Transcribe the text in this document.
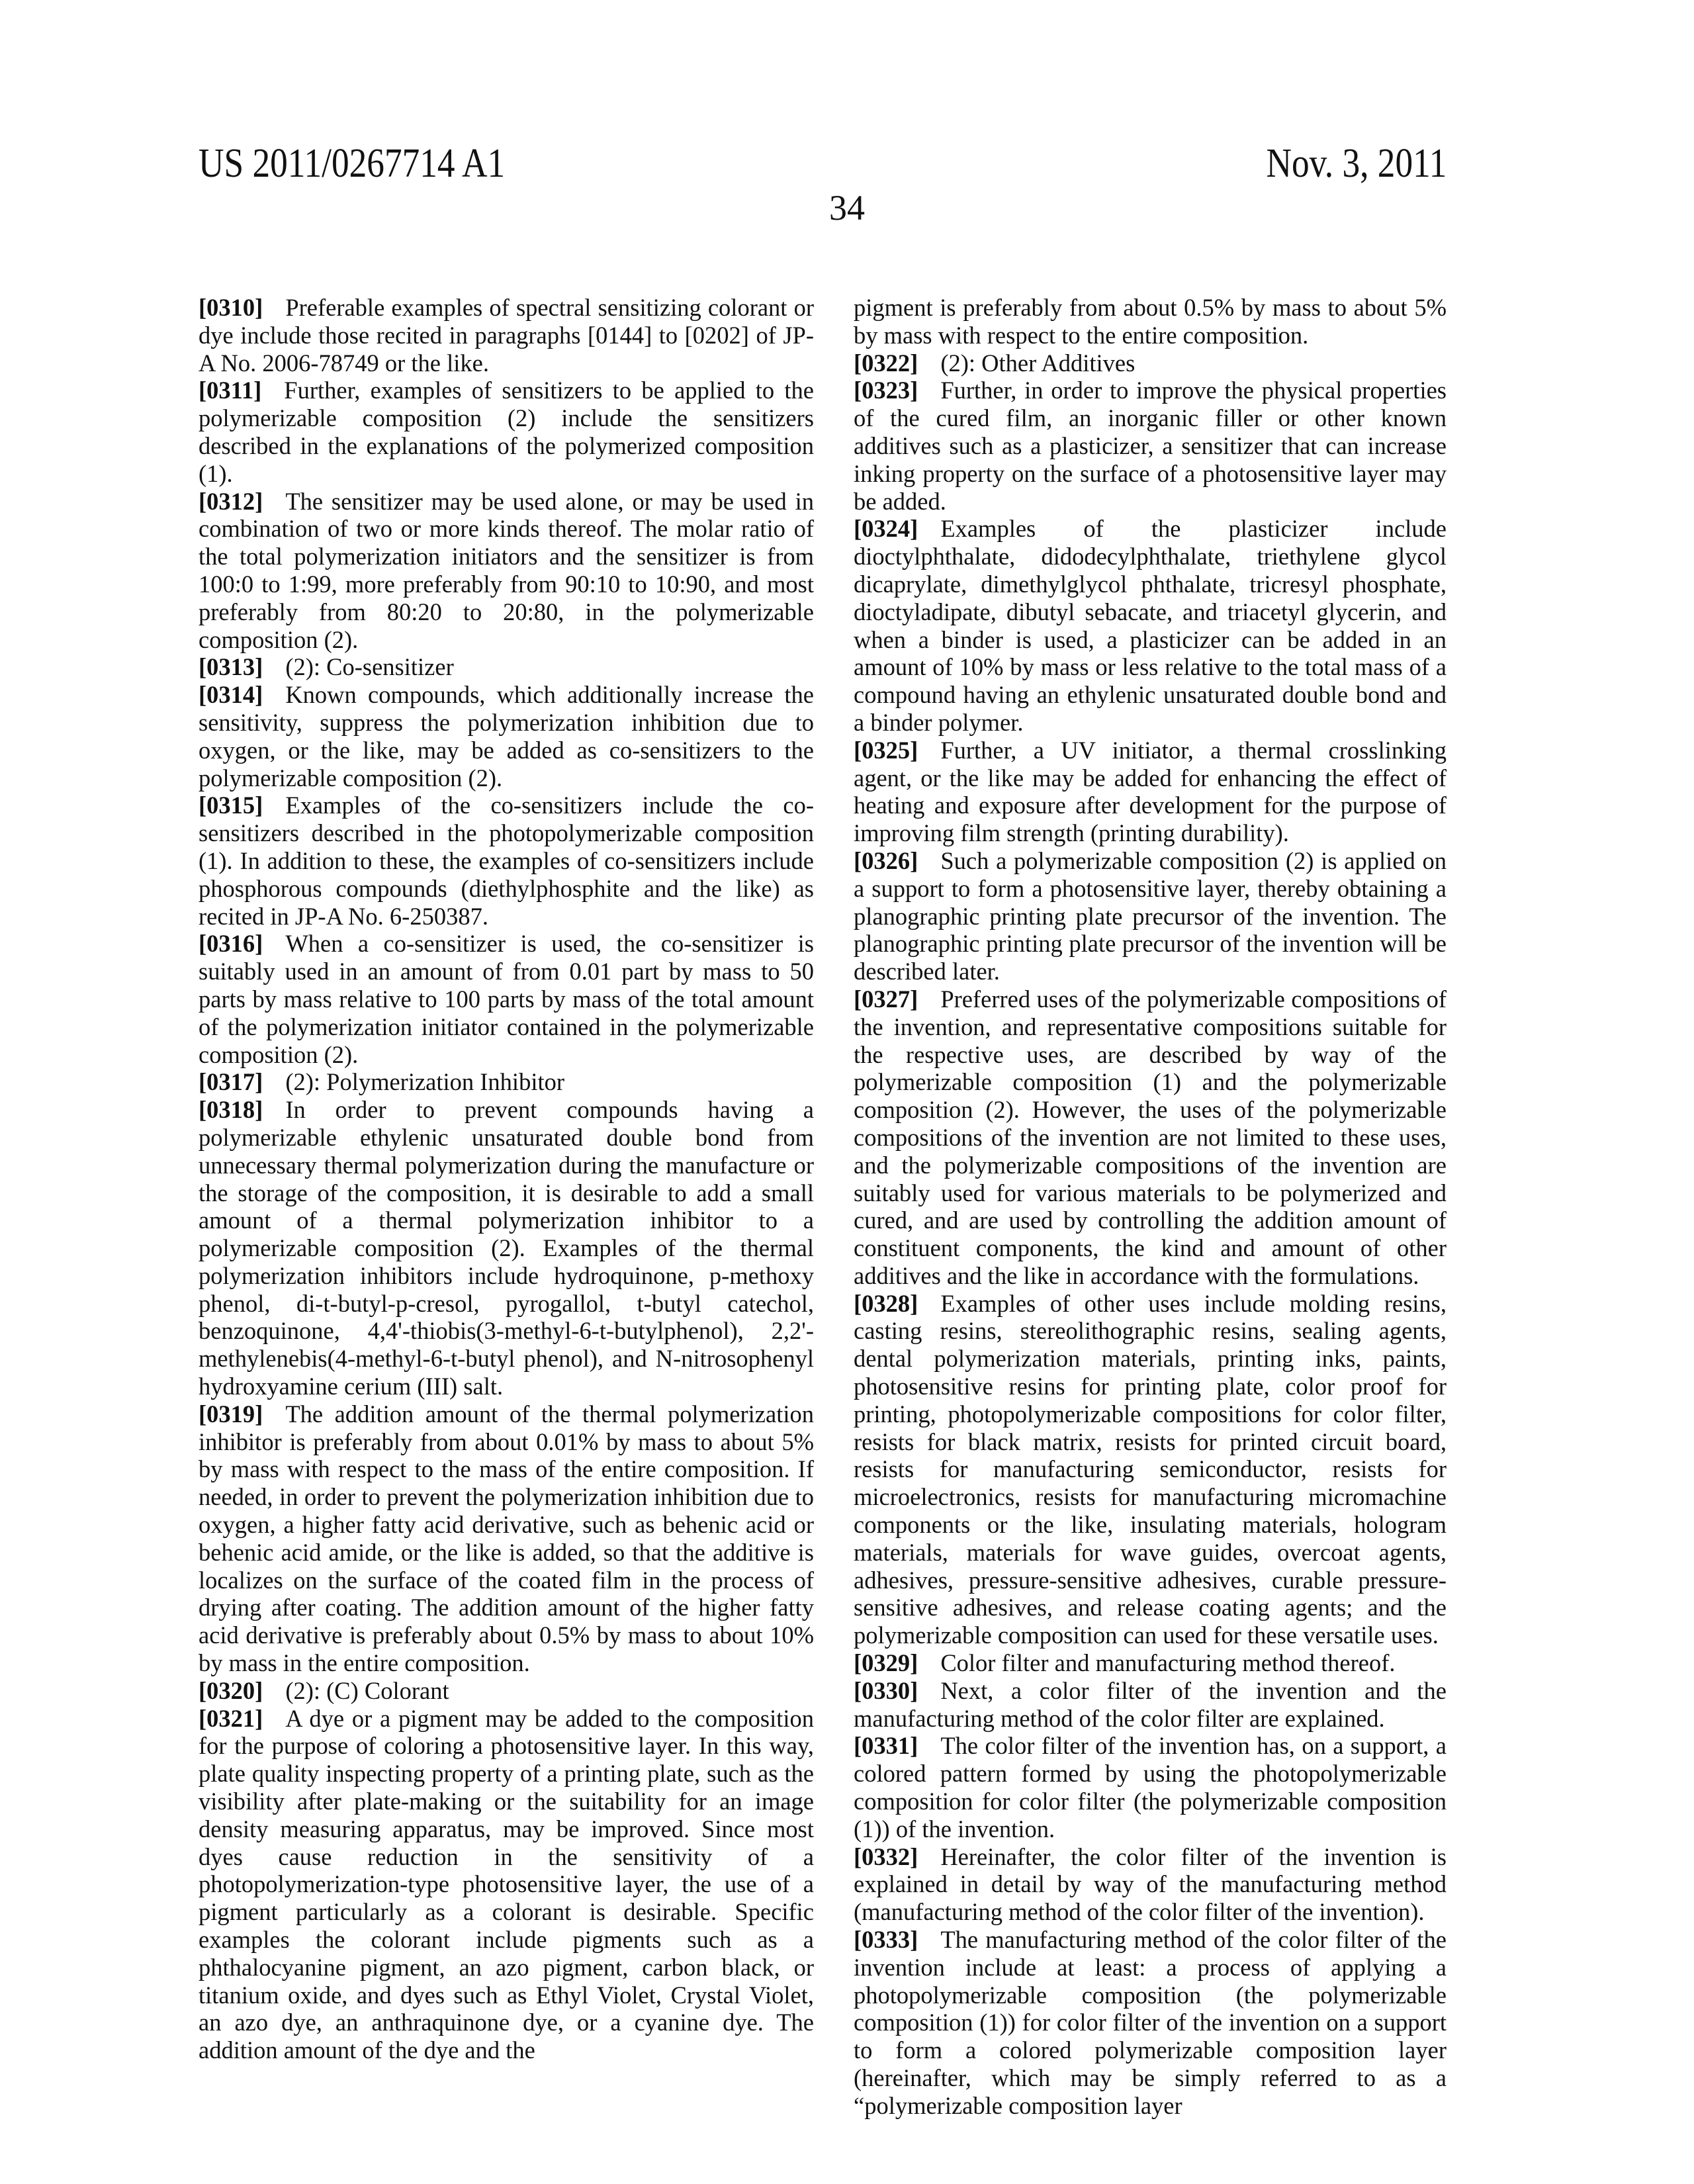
US 2011/0267714 A1	Nov. 3, 2011
34

[0310] Preferable examples of spectral sensitizing colorant or dye include those recited in paragraphs [0144] to [0202] of JP-A No. 2006-78749 or the like.

[0311] Further, examples of sensitizers to be applied to the polymerizable composition (2) include the sensitizers described in the explanations of the polymerized composition (1).

[0312] The sensitizer may be used alone, or may be used in combination of two or more kinds thereof. The molar ratio of the total polymerization initiators and the sensitizer is from 100:0 to 1:99, more preferably from 90:10 to 10:90, and most preferably from 80:20 to 20:80, in the polymerizable composition (2).

[0313] (2): Co-sensitizer

[0314] Known compounds, which additionally increase the sensitivity, suppress the polymerization inhibition due to oxygen, or the like, may be added as co-sensitizers to the polymerizable composition (2).

[0315] Examples of the co-sensitizers include the co-sensitizers described in the photopolymerizable composition (1). In addition to these, the examples of co-sensitizers include phosphorous compounds (diethylphosphite and the like) as recited in JP-A No. 6-250387.

[0316] When a co-sensitizer is used, the co-sensitizer is suitably used in an amount of from 0.01 part by mass to 50 parts by mass relative to 100 parts by mass of the total amount of the polymerization initiator contained in the polymerizable composition (2).

[0317] (2): Polymerization Inhibitor

[0318] In order to prevent compounds having a polymerizable ethylenic unsaturated double bond from unnecessary thermal polymerization during the manufacture or the storage of the composition, it is desirable to add a small amount of a thermal polymerization inhibitor to a polymerizable composition (2). Examples of the thermal polymerization inhibitors include hydroquinone, p-methoxy phenol, di-t-butyl-p-cresol, pyrogallol, t-butyl catechol, benzoquinone, 4,4'-thiobis(3-methyl-6-t-butylphenol), 2,2'-methylenebis(4-methyl-6-t-butyl phenol), and N-nitrosophenyl hydroxyamine cerium (III) salt.

[0319] The addition amount of the thermal polymerization inhibitor is preferably from about 0.01% by mass to about 5% by mass with respect to the mass of the entire composition. If needed, in order to prevent the polymerization inhibition due to oxygen, a higher fatty acid derivative, such as behenic acid or behenic acid amide, or the like is added, so that the additive is localizes on the surface of the coated film in the process of drying after coating. The addition amount of the higher fatty acid derivative is preferably about 0.5% by mass to about 10% by mass in the entire composition.

[0320] (2): (C) Colorant

[0321] A dye or a pigment may be added to the composition for the purpose of coloring a photosensitive layer. In this way, plate quality inspecting property of a printing plate, such as the visibility after plate-making or the suitability for an image density measuring apparatus, may be improved. Since most dyes cause reduction in the sensitivity of a photopolymerization-type photosensitive layer, the use of a pigment particularly as a colorant is desirable. Specific examples the colorant include pigments such as a phthalocyanine pigment, an azo pigment, carbon black, or titanium oxide, and dyes such as Ethyl Violet, Crystal Violet, an azo dye, an anthraquinone dye, or a cyanine dye. The addition amount of the dye and the

pigment is preferably from about 0.5% by mass to about 5% by mass with respect to the entire composition.

[0322] (2): Other Additives

[0323] Further, in order to improve the physical properties of the cured film, an inorganic filler or other known additives such as a plasticizer, a sensitizer that can increase inking property on the surface of a photosensitive layer may be added.

[0324] Examples of the plasticizer include dioctylphthalate, didodecylphthalate, triethylene glycol dicaprylate, dimethylglycol phthalate, tricresyl phosphate, dioctyladipate, dibutyl sebacate, and triacetyl glycerin, and when a binder is used, a plasticizer can be added in an amount of 10% by mass or less relative to the total mass of a compound having an ethylenic unsaturated double bond and a binder polymer.

[0325] Further, a UV initiator, a thermal crosslinking agent, or the like may be added for enhancing the effect of heating and exposure after development for the purpose of improving film strength (printing durability).

[0326] Such a polymerizable composition (2) is applied on a support to form a photosensitive layer, thereby obtaining a planographic printing plate precursor of the invention. The planographic printing plate precursor of the invention will be described later.

[0327] Preferred uses of the polymerizable compositions of the invention, and representative compositions suitable for the respective uses, are described by way of the polymerizable composition (1) and the polymerizable composition (2). However, the uses of the polymerizable compositions of the invention are not limited to these uses, and the polymerizable compositions of the invention are suitably used for various materials to be polymerized and cured, and are used by controlling the addition amount of constituent components, the kind and amount of other additives and the like in accordance with the formulations.

[0328] Examples of other uses include molding resins, casting resins, stereolithographic resins, sealing agents, dental polymerization materials, printing inks, paints, photosensitive resins for printing plate, color proof for printing, photopolymerizable compositions for color filter, resists for black matrix, resists for printed circuit board, resists for manufacturing semiconductor, resists for microelectronics, resists for manufacturing micromachine components or the like, insulating materials, hologram materials, materials for wave guides, overcoat agents, adhesives, pressure-sensitive adhesives, curable pressure-sensitive adhesives, and release coating agents; and the polymerizable composition can used for these versatile uses.

[0329] Color filter and manufacturing method thereof.

[0330] Next, a color filter of the invention and the manufacturing method of the color filter are explained.

[0331] The color filter of the invention has, on a support, a colored pattern formed by using the photopolymerizable composition for color filter (the polymerizable composition (1)) of the invention.

[0332] Hereinafter, the color filter of the invention is explained in detail by way of the manufacturing method (manufacturing method of the color filter of the invention).

[0333] The manufacturing method of the color filter of the invention include at least: a process of applying a photopolymerizable composition (the polymerizable composition (1)) for color filter of the invention on a support to form a colored polymerizable composition layer (hereinafter, which may be simply referred to as a “polymerizable composition layer
